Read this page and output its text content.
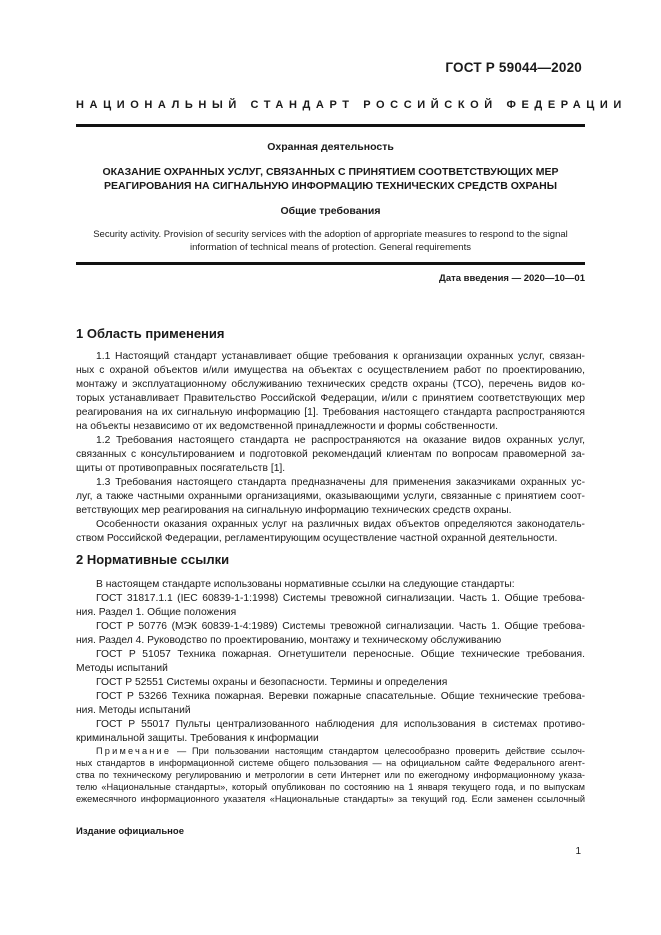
ГОСТ Р 59044—2020
НАЦИОНАЛЬНЫЙ СТАНДАРТ РОССИЙСКОЙ ФЕДЕРАЦИИ
Охранная деятельность
ОКАЗАНИЕ ОХРАННЫХ УСЛУГ, СВЯЗАННЫХ С ПРИНЯТИЕМ СООТВЕТСТВУЮЩИХ МЕР
РЕАГИРОВАНИЯ НА СИГНАЛЬНУЮ ИНФОРМАЦИЮ ТЕХНИЧЕСКИХ СРЕДСТВ ОХРАНЫ
Общие требования
Security activity. Provision of security services with the adoption of appropriate measures to respond to the signal
information of technical means of protection. General requirements
Дата введения — 2020—10—01
1 Область применения
1.1 Настоящий стандарт устанавливает общие требования к организации охранных услуг, связан-
ных с охраной объектов и/или имущества на объектах с осуществлением работ по проектированию,
монтажу и эксплуатационному обслуживанию технических средств охраны (ТСО), перечень видов ко-
торых устанавливает Правительство Российской Федерации, и/или с принятием соответствующих мер
реагирования на их сигнальную информацию [1]. Требования настоящего стандарта распространяются
на объекты независимо от их ведомственной принадлежности и формы собственности.
1.2 Требования настоящего стандарта не распространяются на оказание видов охранных услуг,
связанных с консультированием и подготовкой рекомендаций клиентам по вопросам правомерной за-
щиты от противоправных посягательств [1].
1.3 Требования настоящего стандарта предназначены для применения заказчиками охранных ус-
луг, а также частными охранными организациями, оказывающими услуги, связанные с принятием соот-
ветствующих мер реагирования на сигнальную информацию технических средств охраны.
Особенности оказания охранных услуг на различных видах объектов определяются законодатель-
ством Российской Федерации, регламентирующим осуществление частной охранной деятельности.
2 Нормативные ссылки
В настоящем стандарте использованы нормативные ссылки на следующие стандарты:
ГОСТ 31817.1.1 (IEC 60839-1-1:1998) Системы тревожной сигнализации. Часть 1. Общие требова-
ния. Раздел 1. Общие положения
ГОСТ Р 50776 (МЭК 60839-1-4:1989) Системы тревожной сигнализации. Часть 1. Общие требова-
ния. Раздел 4. Руководство по проектированию, монтажу и техническому обслуживанию
ГОСТ Р 51057 Техника пожарная. Огнетушители переносные. Общие технические требования.
Методы испытаний
ГОСТ Р 52551 Системы охраны и безопасности. Термины и определения
ГОСТ Р 53266 Техника пожарная. Веревки пожарные спасательные. Общие технические требова-
ния. Методы испытаний
ГОСТ Р 55017 Пульты централизованного наблюдения для использования в системах противо-
криминальной защиты. Требования к информации
Примечание — При пользовании настоящим стандартом целесообразно проверить действие ссылоч-
ных стандартов в информационной системе общего пользования — на официальном сайте Федерального агент-
ства по техническому регулированию и метрологии в сети Интернет или по ежегодному информационному указа-
телю «Национальные стандарты», который опубликован по состоянию на 1 января текущего года, и по выпускам
ежемесячного информационного указателя «Национальные стандарты» за текущий год. Если заменен ссылочный
Издание официальное
1
